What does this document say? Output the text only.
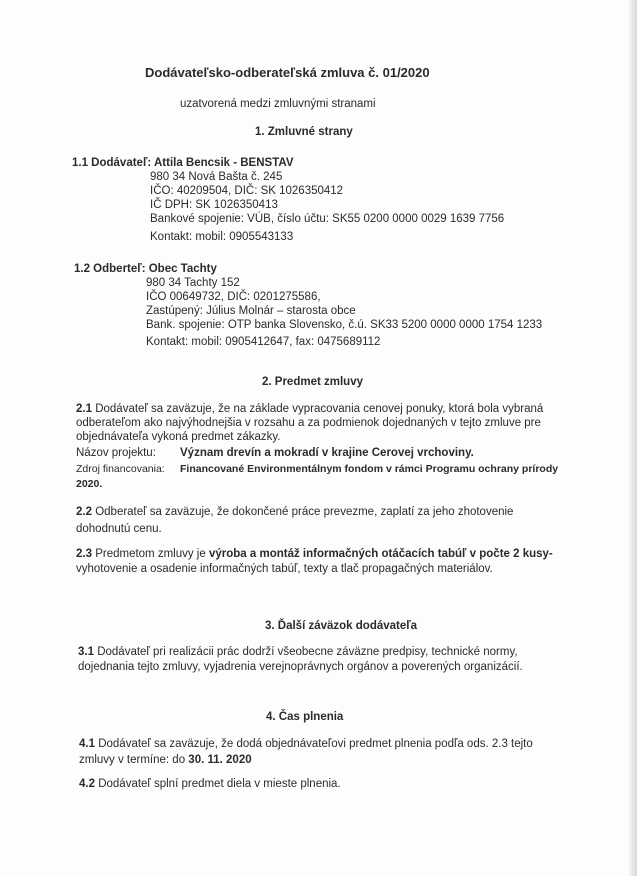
Dodávateľsko-odberateľská zmluva č. 01/2020
uzatvorená medzi zmluvnými stranami
1. Zmluvné strany
1.1 Dodávateľ: Attila Bencsik - BENSTAV
980 34 Nová Bašta č. 245
IČO: 40209504, DIČ: SK 1026350412
IČ DPH: SK 1026350413
Bankové spojenie: VÚB, číslo účtu: SK55 0200 0000 0029 1639 7756
Kontakt: mobil: 0905543133
1.2 Odberteľ: Obec Tachty
980 34 Tachty 152
IČO 00649732, DIČ: 0201275586,
Zastúpený: Július Molnár – starosta obce
Bank. spojenie: OTP banka Slovensko, č.ú. SK33 5200 0000 0000 1754 1233
Kontakt: mobil: 0905412647, fax: 0475689112
2. Predmet zmluvy
2.1 Dodávateľ sa zaväzuje, že na základe vypracovania cenovej ponuky, ktorá bola vybraná
odberateľom ako najvýhodnejšia v rozsahu a za podmienok dojednaných v tejto zmluve pre
objednávateľa vykoná predmet zákazky.
Názov projektu: Význam drevín a mokradí v krajine Cerovej vrchoviny.
Zdroj financovania: Financované Environmentálnym fondom v rámci Programu ochrany prírody
2020.
2.2 Odberateľ sa zaväzuje, že dokončené práce prevezme, zaplatí za jeho zhotovenie
dohodnutú cenu.
2.3 Predmetom zmluvy je výroba a montáž informačných otáčacích tabúľ v počte 2 kusy-
vyhotovenie a osadenie informačných tabúľ, texty a tlač propagačných materiálov.
3. Ďalší záväzok dodávateľa
3.1 Dodávateľ pri realizácii prác dodrží všeobecne záväzne predpisy, technické normy,
dojednania tejto zmluvy, vyjadrenia verejnoprávnych orgánov a poverených organizácií.
4. Čas plnenia
4.1 Dodávateľ sa zaväzuje, že dodá objednávateľovi predmet plnenia podľa ods. 2.3 tejto
zmluvy v termíne: do 30. 11. 2020
4.2 Dodávateľ splní predmet diela v mieste plnenia.
